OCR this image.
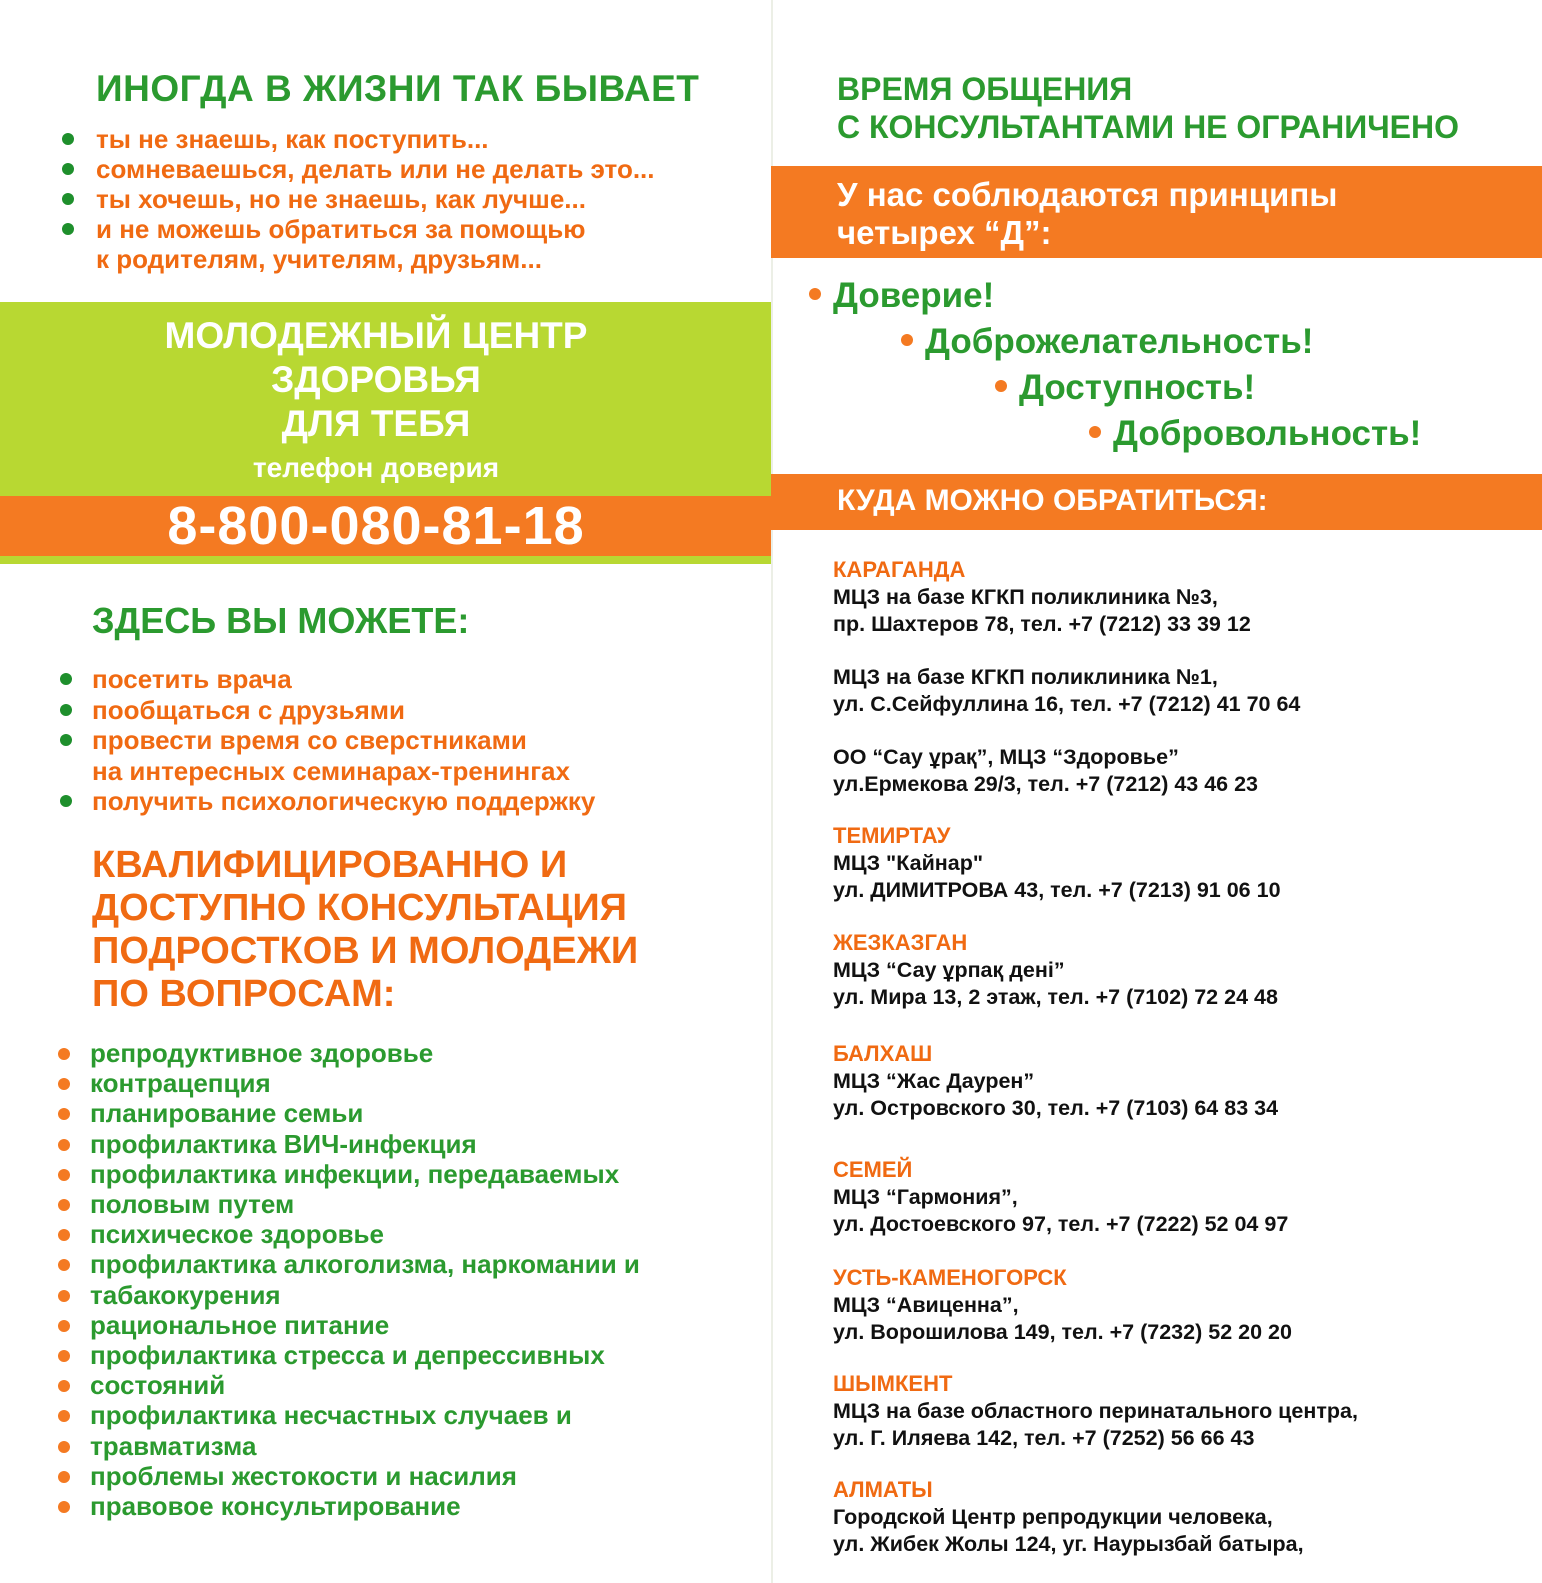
ИНОГДА В ЖИЗНИ ТАК БЫВАЕТ
ты не знаешь, как поступить...
сомневаешься, делать или не делать это...
ты хочешь, но не знаешь, как лучше...
и не можешь обратиться за помощью
к родителям, учителям, друзьям...
МОЛОДЕЖНЫЙ ЦЕНТР
ЗДОРОВЬЯ
ДЛЯ ТЕБЯ
телефон доверия
8-800-080-81-18
ЗДЕСЬ ВЫ МОЖЕТЕ:
посетить врача
пообщаться с друзьями
провести время со сверстниками
на интересных семинарах-тренингах
получить психологическую поддержку
КВАЛИФИЦИРОВАННО И
ДОСТУПНО КОНСУЛЬТАЦИЯ
ПОДРОСТКОВ И МОЛОДЕЖИ
ПО ВОПРОСАМ:
репродуктивное здоровье
контрацепция
планирование семьи
профилактика ВИЧ-инфекция
профилактика инфекции, передаваемых
половым путем
психическое здоровье
профилактика алкоголизма, наркомании и
табакокурения
рациональное питание
профилактика стресса и депрессивных
состояний
профилактика несчастных случаев и
травматизма
проблемы жестокости и насилия
правовое консультирование
ВРЕМЯ ОБЩЕНИЯ
С КОНСУЛЬТАНТАМИ НЕ ОГРАНИЧЕНО
У нас соблюдаются принципы
четырех “Д”:
Доверие!
Доброжелательность!
Доступность!
Добровольность!
КУДА МОЖНО ОБРАТИТЬСЯ:
КАРАГАНДА
МЦЗ на базе КГКП поликлиника №3,
пр. Шахтеров 78, тел. +7 (7212) 33 39 12
МЦЗ на базе КГКП поликлиника №1,
ул. С.Сейфуллина 16, тел. +7 (7212) 41 70 64
ОО “Сау ұрақ”, МЦЗ “Здоровье”
ул.Ермекова 29/3, тел. +7 (7212) 43 46 23
ТЕМИРТАУ
МЦЗ "Кайнар"
ул. ДИМИТРОВА 43, тел. +7 (7213) 91 06 10
ЖЕЗКАЗГАН
МЦЗ “Сау ұрпақ дені”
ул. Мира 13, 2 этаж, тел. +7 (7102) 72 24 48
БАЛХАШ
МЦЗ “Жас Даурен”
ул. Островского 30, тел. +7 (7103) 64 83 34
СЕМЕЙ
МЦЗ “Гармония”,
ул. Достоевского 97, тел. +7 (7222) 52 04 97
УСТЬ-КАМЕНОГОРСК
МЦЗ “Авиценна”,
ул. Ворошилова 149, тел. +7 (7232) 52 20 20
ШЫМКЕНТ
МЦЗ на базе областного перинатального центра,
ул. Г. Иляева 142, тел. +7 (7252) 56 66 43
АЛМАТЫ
Городской Центр репродукции человека,
ул. Жибек Жолы 124, уг. Наурызбай батыра,
